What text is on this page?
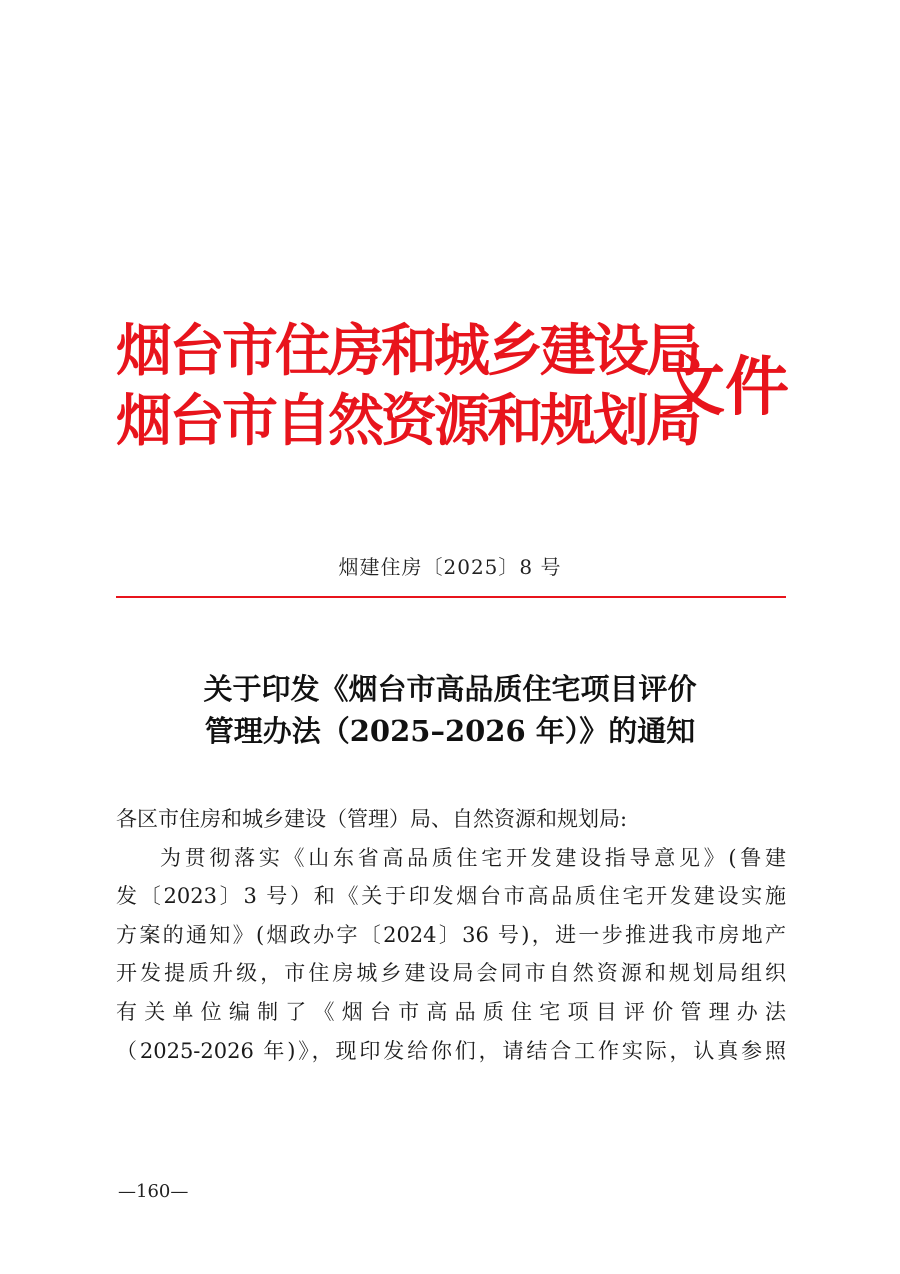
烟台市住房和城乡建设局
烟台市自然资源和规划局
文件
烟建住房〔2025〕8 号
关于印发《烟台市高品质住宅项目评价
管理办法（2025–2026 年）》的通知
各区市住房和城乡建设（管理）局、自然资源和规划局:
为贯彻落实《山东省高品质住宅开发建设指导意见》(鲁建
发〔2023〕3 号）和《关于印发烟台市高品质住宅开发建设实施
方案的通知》(烟政办字〔2024〕36 号)，进一步推进我市房地产
开发提质升级，市住房城乡建设局会同市自然资源和规划局组织
有关单位编制了《烟台市高品质住宅项目评价管理办法
（2025-2026 年)》，现印发给你们，请结合工作实际，认真参照
—160—
